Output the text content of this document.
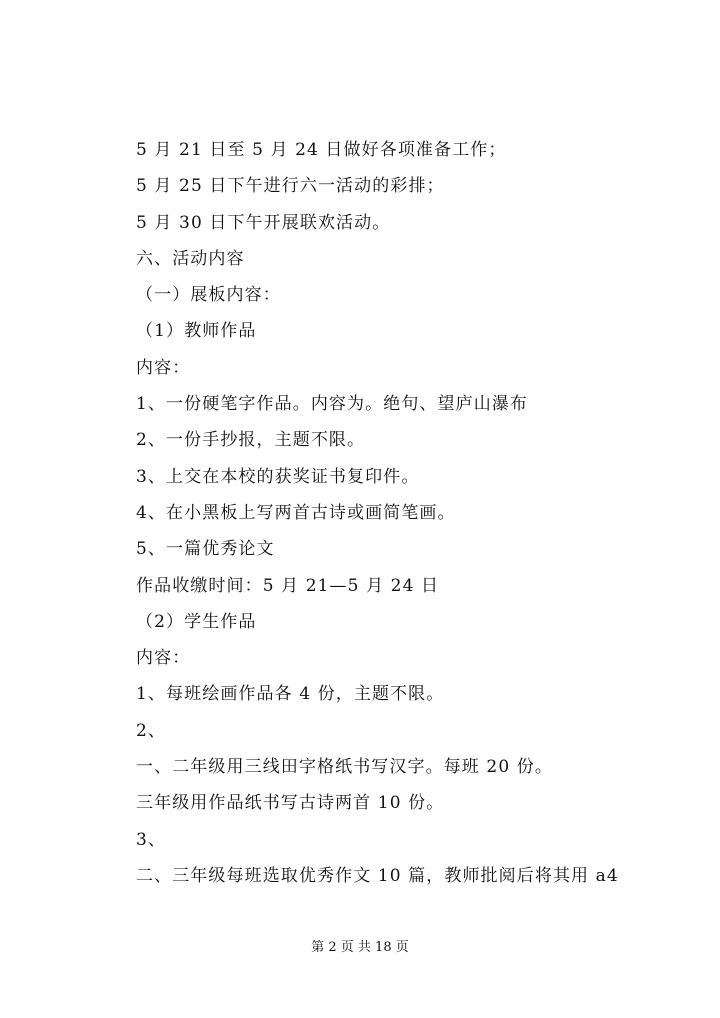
5 月 21 日至 5 月 24 日做好各项准备工作；
5 月 25 日下午进行六一活动的彩排；
5 月 30 日下午开展联欢活动。
六、活动内容
（一）展板内容：
（1）教师作品
内容：
1、一份硬笔字作品。内容为。绝句、望庐山瀑布
2、一份手抄报，主题不限。
3、上交在本校的获奖证书复印件。
4、在小黑板上写两首古诗或画简笔画。
5、一篇优秀论文
作品收缴时间：5 月 21—5 月 24 日
（2）学生作品
内容：
1、每班绘画作品各 4 份，主题不限。
2、
一、二年级用三线田字格纸书写汉字。每班 20 份。
三年级用作品纸书写古诗两首 10 份。
3、
二、三年级每班选取优秀作文 10 篇，教师批阅后将其用 a4
第 2 页 共 18 页
